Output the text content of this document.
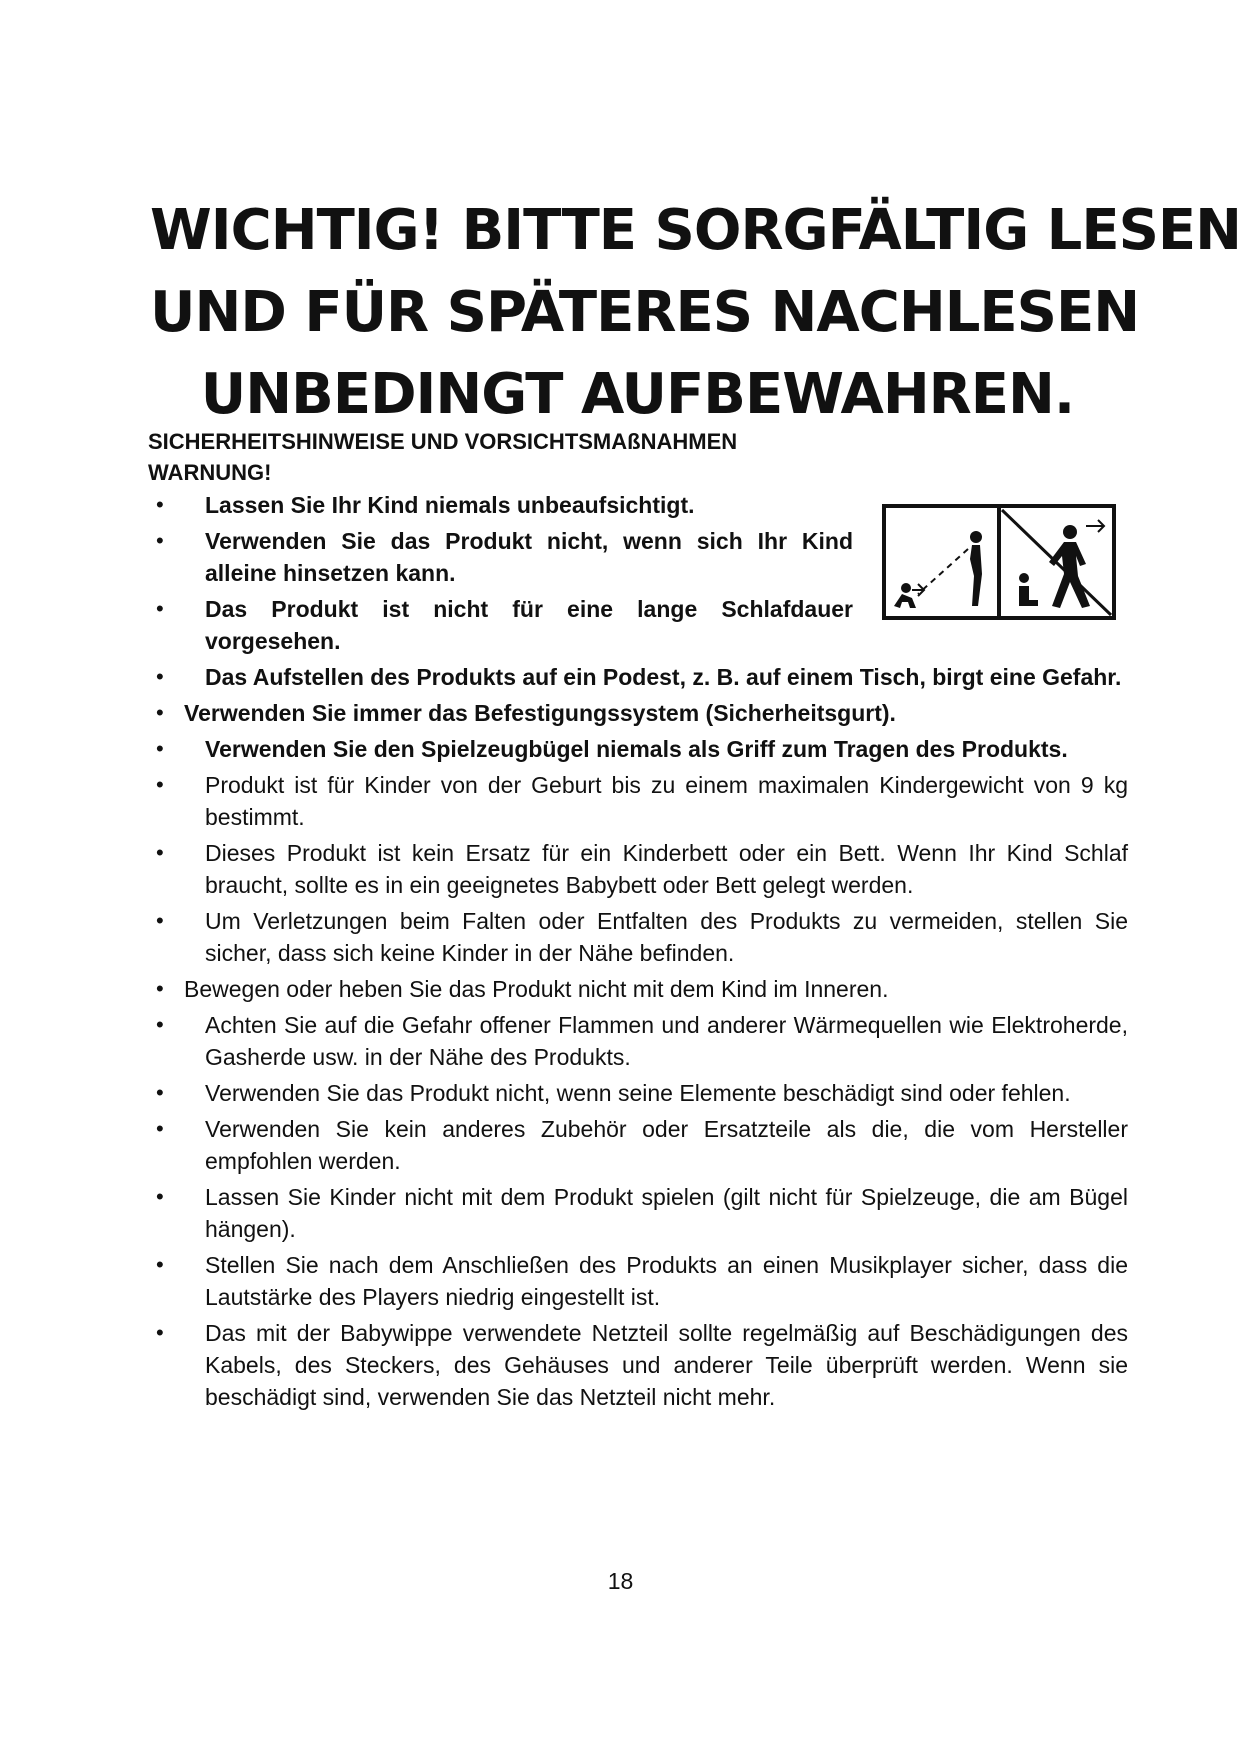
WICHTIG! BITTE SORGFÄLTIG LESEN
UND FÜR SPÄTERES NACHLESEN
UNBEDINGT AUFBEWAHREN.
SICHERHEITSHINWEISE UND VORSICHTSMAßNAHMEN
WARNUNG!
• Lassen Sie Ihr Kind niemals unbeaufsichtigt.
• Verwenden Sie das Produkt nicht, wenn sich Ihr Kind alleine hinsetzen kann.
• Das Produkt ist nicht für eine lange Schlafdauer vorgesehen.
• Das Aufstellen des Produkts auf ein Podest, z. B. auf einem Tisch, birgt eine Gefahr.
• Verwenden Sie immer das Befestigungssystem (Sicherheitsgurt).
• Verwenden Sie den Spielzeugbügel niemals als Griff zum Tragen des Produkts.
• Produkt ist für Kinder von der Geburt bis zu einem maximalen Kindergewicht von 9 kg bestimmt.
• Dieses Produkt ist kein Ersatz für ein Kinderbett oder ein Bett. Wenn Ihr Kind Schlaf braucht, sollte es in ein geeignetes Babybett oder Bett gelegt werden.
• Um Verletzungen beim Falten oder Entfalten des Produkts zu vermeiden, stellen Sie sicher, dass sich keine Kinder in der Nähe befinden.
• Bewegen oder heben Sie das Produkt nicht mit dem Kind im Inneren.
• Achten Sie auf die Gefahr offener Flammen und anderer Wärmequellen wie Elektroherde, Gasherde usw. in der Nähe des Produkts.
• Verwenden Sie das Produkt nicht, wenn seine Elemente beschädigt sind oder fehlen.
• Verwenden Sie kein anderes Zubehör oder Ersatzteile als die, die vom Hersteller empfohlen werden.
• Lassen Sie Kinder nicht mit dem Produkt spielen (gilt nicht für Spielzeuge, die am Bügel hängen).
• Stellen Sie nach dem Anschließen des Produkts an einen Musikplayer sicher, dass die Lautstärke des Players niedrig eingestellt ist.
• Das mit der Babywippe verwendete Netzteil sollte regelmäßig auf Beschädigungen des Kabels, des Steckers, des Gehäuses und anderer Teile überprüft werden. Wenn sie beschädigt sind, verwenden Sie das Netzteil nicht mehr.
18
